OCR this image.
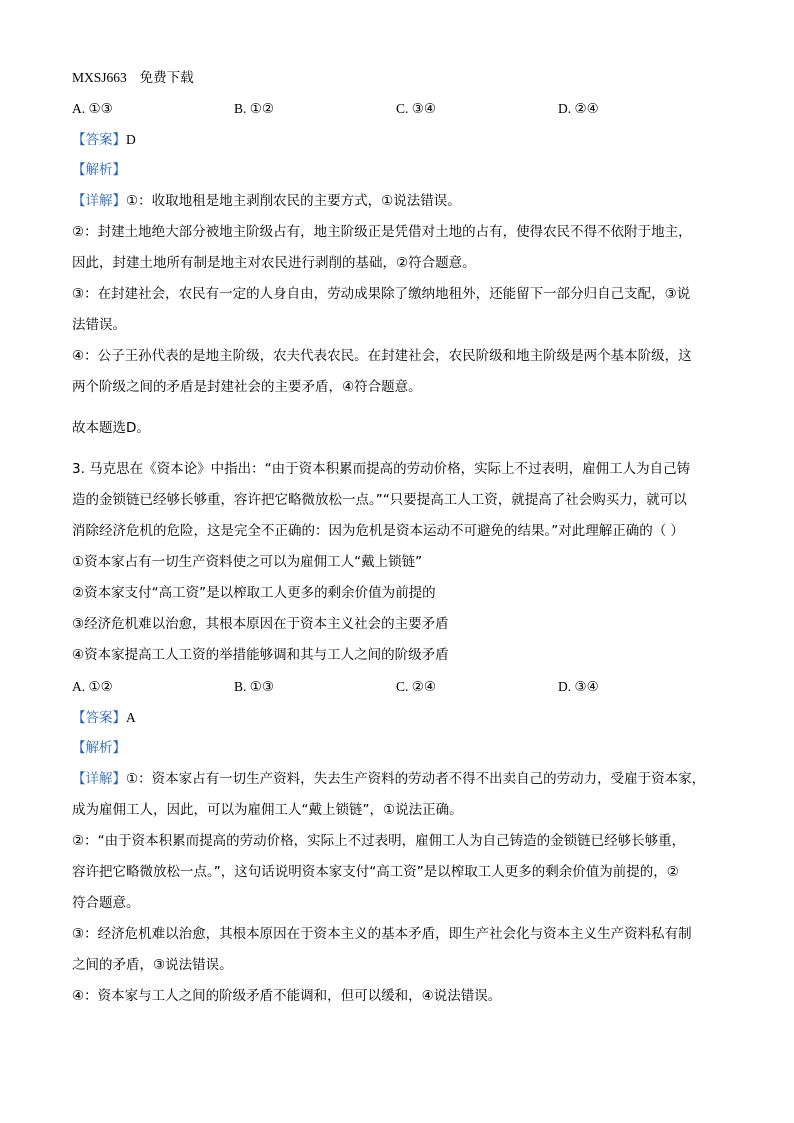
MXSJ663 免费下载
A. ①③	B. ①②	C. ③④	D. ②④
【答案】D
【解析】
【详解】①：收取地租是地主剥削农民的主要方式，①说法错误。
②：封建土地绝大部分被地主阶级占有，地主阶级正是凭借对土地的占有，使得农民不得不依附于地主，
因此，封建土地所有制是地主对农民进行剥削的基础，②符合题意。
③：在封建社会，农民有一定的人身自由，劳动成果除了缴纳地租外，还能留下一部分归自己支配，③说
法错误。
④：公子王孙代表的是地主阶级，农夫代表农民。在封建社会，农民阶级和地主阶级是两个基本阶级，这
两个阶级之间的矛盾是封建社会的主要矛盾，④符合题意。
故本题选D。
3. 马克思在《资本论》中指出：“由于资本积累而提高的劳动价格，实际上不过表明，雇佣工人为自己铸
造的金锁链已经够长够重，容许把它略微放松一点。”“只要提高工人工资，就提高了社会购买力，就可以
消除经济危机的危险，这是完全不正确的：因为危机是资本运动不可避免的结果。”对此理解正确的（ ）
①资本家占有一切生产资料使之可以为雇佣工人“戴上锁链”
②资本家支付“高工资”是以榨取工人更多的剩余价值为前提的
③经济危机难以治愈，其根本原因在于资本主义社会的主要矛盾
④资本家提高工人工资的举措能够调和其与工人之间的阶级矛盾
A. ①②	B. ①③	C. ②④	D. ③④
【答案】A
【解析】
【详解】①：资本家占有一切生产资料，失去生产资料的劳动者不得不出卖自己的劳动力，受雇于资本家，
成为雇佣工人，因此，可以为雇佣工人“戴上锁链”，①说法正确。
②：“由于资本积累而提高的劳动价格，实际上不过表明，雇佣工人为自己铸造的金锁链已经够长够重，
容许把它略微放松一点。”，这句话说明资本家支付“高工资”是以榨取工人更多的剩余价值为前提的，②
符合题意。
③：经济危机难以治愈，其根本原因在于资本主义的基本矛盾，即生产社会化与资本主义生产资料私有制
之间的矛盾，③说法错误。
④：资本家与工人之间的阶级矛盾不能调和，但可以缓和，④说法错误。
